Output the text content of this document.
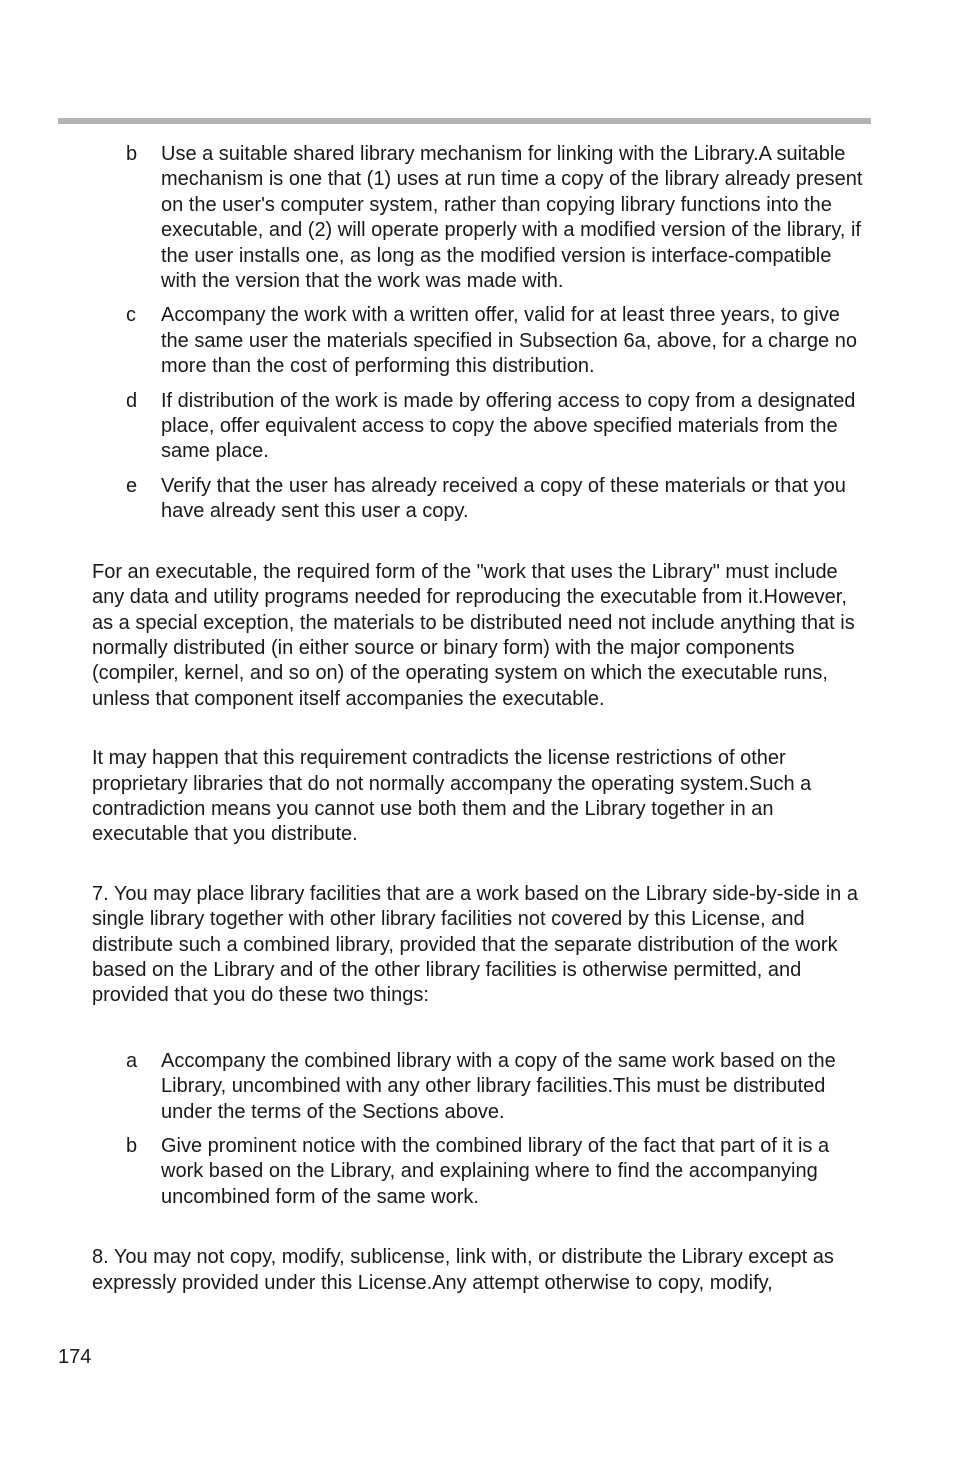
b	Use a suitable shared library mechanism for linking with the Library.A suitable mechanism is one that (1) uses at run time a copy of the library already present on the user's computer system, rather than copying library functions into the executable, and (2) will operate properly with a modified version of the library, if the user installs one, as long as the modified version is interface-compatible with the version that the work was made with.
c	Accompany the work with a written offer, valid for at least three years, to give the same user the materials specified in Subsection 6a, above, for a charge no more than the cost of performing this distribution.
d	If distribution of the work is made by offering access to copy from a designated place, offer equivalent access to copy the above specified materials from the same place.
e	Verify that the user has already received a copy of these materials or that you have already sent this user a copy.

For an executable, the required form of the "work that uses the Library" must include any data and utility programs needed for reproducing the executable from it.However, as a special exception, the materials to be distributed need not include anything that is normally distributed (in either source or binary form) with the major components (compiler, kernel, and so on) of the operating system on which the executable runs, unless that component itself accompanies the executable.

It may happen that this requirement contradicts the license restrictions of other proprietary libraries that do not normally accompany the operating system.Such a contradiction means you cannot use both them and the Library together in an executable that you distribute.

7. You may place library facilities that are a work based on the Library side-by-side in a single library together with other library facilities not covered by this License, and distribute such a combined library, provided that the separate distribution of the work based on the Library and of the other library facilities is otherwise permitted, and provided that you do these two things:

a	Accompany the combined library with a copy of the same work based on the Library, uncombined with any other library facilities.This must be distributed under the terms of the Sections above.
b	Give prominent notice with the combined library of the fact that part of it is a work based on the Library, and explaining where to find the accompanying uncombined form of the same work.

8. You may not copy, modify, sublicense, link with, or distribute the Library except as expressly provided under this License.Any attempt otherwise to copy, modify,

174
